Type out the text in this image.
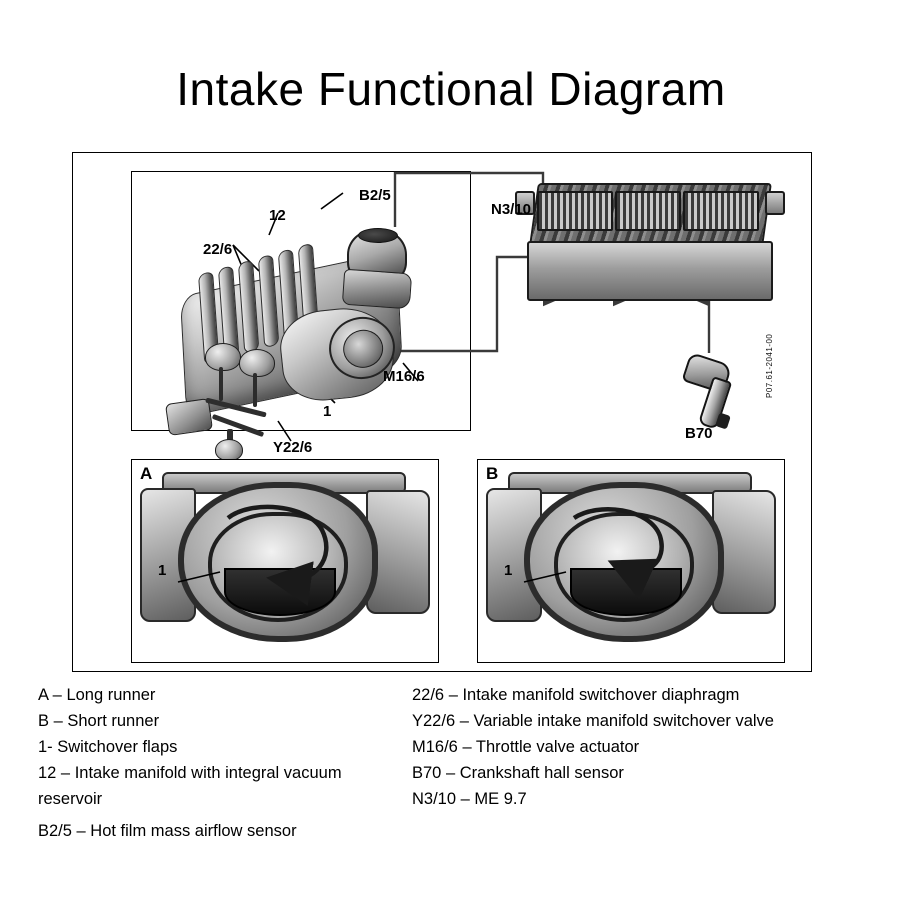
Intake Functional Diagram
B2/5
N3/10
12
22/6
1
M16/6
Y22/6
B70
P07.61-2041-00
A
1
B
1
A – Long runner
B – Short runner
1- Switchover flaps
12 – Intake manifold with integral vacuum reservoir
B2/5 – Hot film mass airflow sensor
22/6 – Intake manifold switchover diaphragm
Y22/6 – Variable intake manifold switchover valve
M16/6 – Throttle valve actuator
B70 – Crankshaft hall sensor
N3/10 – ME 9.7
